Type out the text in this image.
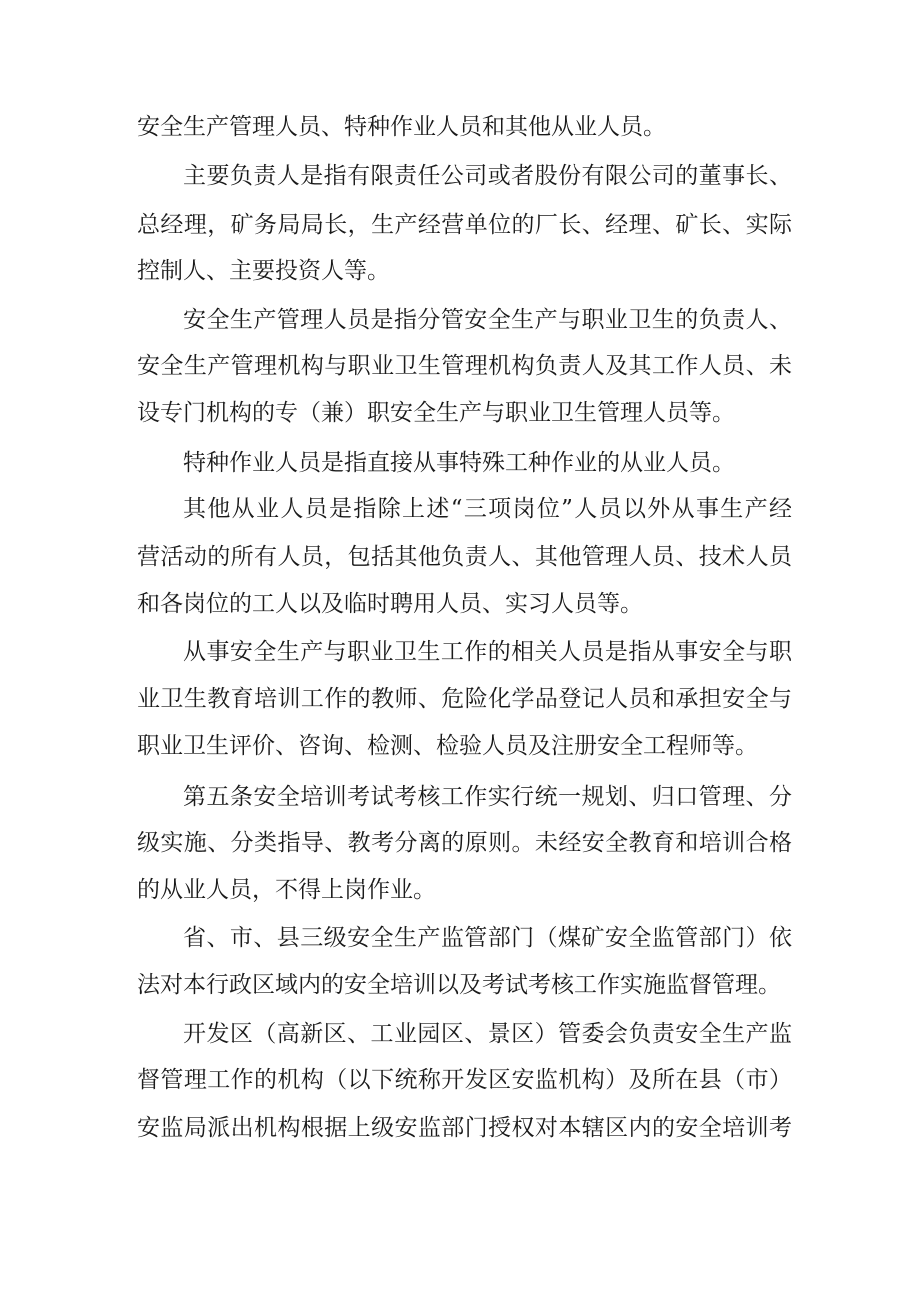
安全生产管理人员、特种作业人员和其他从业人员。
主要负责人是指有限责任公司或者股份有限公司的董事长、
总经理，矿务局局长，生产经营单位的厂长、经理、矿长、实际
控制人、主要投资人等。
安全生产管理人员是指分管安全生产与职业卫生的负责人、
安全生产管理机构与职业卫生管理机构负责人及其工作人员、未
设专门机构的专（兼）职安全生产与职业卫生管理人员等。
特种作业人员是指直接从事特殊工种作业的从业人员。
其他从业人员是指除上述“三项岗位”人员以外从事生产经
营活动的所有人员，包括其他负责人、其他管理人员、技术人员
和各岗位的工人以及临时聘用人员、实习人员等。
从事安全生产与职业卫生工作的相关人员是指从事安全与职
业卫生教育培训工作的教师、危险化学品登记人员和承担安全与
职业卫生评价、咨询、检测、检验人员及注册安全工程师等。
第五条安全培训考试考核工作实行统一规划、归口管理、分
级实施、分类指导、教考分离的原则。未经安全教育和培训合格
的从业人员，不得上岗作业。
省、市、县三级安全生产监管部门（煤矿安全监管部门）依
法对本行政区域内的安全培训以及考试考核工作实施监督管理。
开发区（高新区、工业园区、景区）管委会负责安全生产监
督管理工作的机构（以下统称开发区安监机构）及所在县（市）
安监局派出机构根据上级安监部门授权对本辖区内的安全培训考
